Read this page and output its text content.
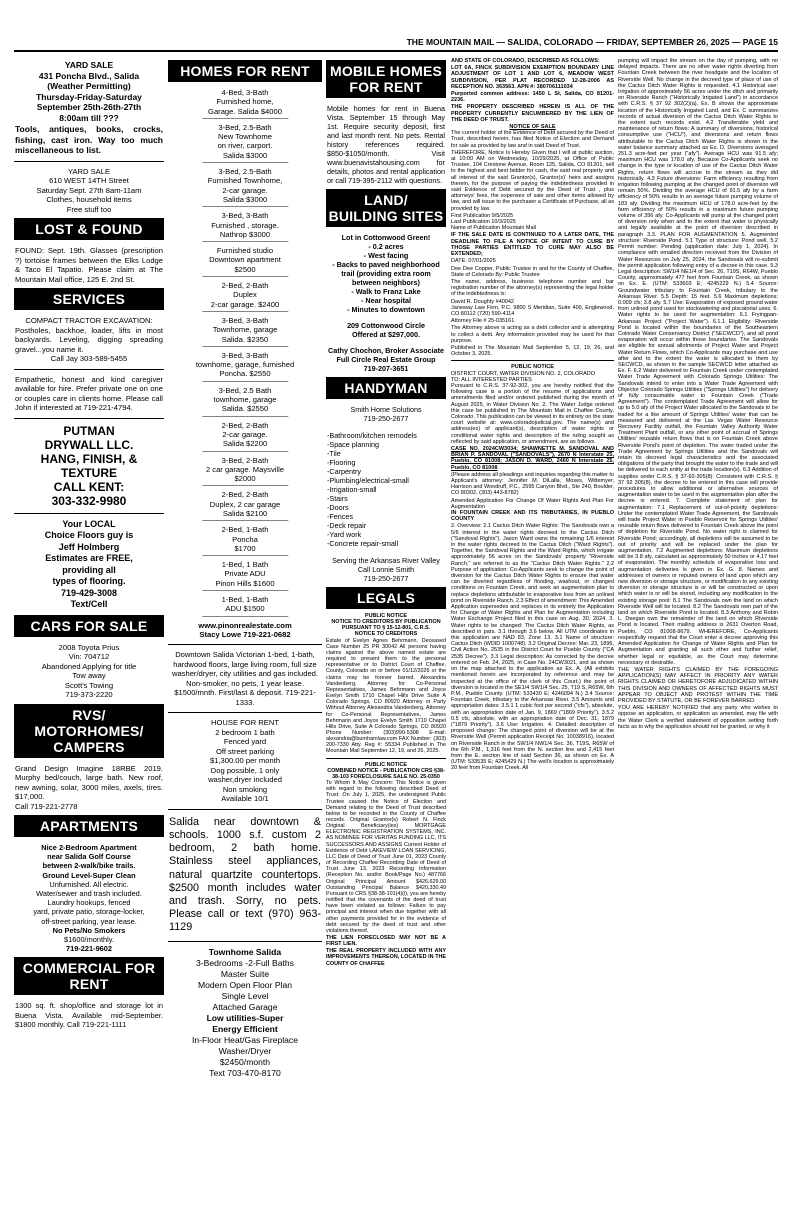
THE MOUNTAIN MAIL — SALIDA, COLORADO — FRIDAY, SEPTEMBER 26, 2025 — PAGE 15
YARD SALE
431 Poncha Blvd., Salida
(Weather Permitting)
Thursday-Friday-Saturday
September 25th-26th-27th
8:00am till ???
Tools, antiques, books, crocks, fishing, cast iron. Way too much miscellaneous to list.
YARD SALE
610 WEST 14TH Street
Saturday Sept. 27th 8am-11am
Clothes, household items
Free stuff too
LOST & FOUND
FOUND: Sept. 19th. Glasses (prescription ?) tortoise frames between the Elks Lodge & Taco El Tapatio. Please claim at The Mountain Mail office, 125 E. 2nd St.
SERVICES
COMPACT TRACTOR EXCAVATION:
Postholes, backhoe, loader, lifts in most backyards. Leveling, digging spreading gravel...you name it.
Call Jay 303-589-5455
Empathetic, honest and kind caregiver available for hire. Prefer private one on one or couples care in clients home. Please call John if interested at 719-221-4794.
PUTMAN
DRYWALL LLC.
HANG, FINISH, &
TEXTURE
CALL KENT:
303-332-9980
Your LOCAL
Choice Floors guy is
Jeff Holmberg
Estimates are FREE,
providing all
types of flooring.
719-429-3008
Text/Cell
CARS FOR SALE
2008 Toyota Prius
Vin: 704712
Abandoned Applying for title
Tow away
Scott's Towing
719-373-2220
RVS/ MOTORHOMES/ CAMPERS
Grand Design Imagine 18RBE 2019. Murphy bed/couch, large bath. New roof, new awning, solar, 3000 miles, axels, tires. $17,000.
Call 719-221-2778
APARTMENTS
Nice 2-Bedroom Apartment
near Salida Golf Course
between 2-walk/bike trails.
Ground Level-Super Clean
Unfurnished. All electric.
Water/sewer and trash included.
Laundry hookups, fenced
yard, private patio, storage-locker,
off-street parking, year lease.
No Pets/No Smokers
$1600/monthly.
719-221-9602
COMMERCIAL FOR RENT
1300 sq. ft. shop/office and storage lot in Buena Vista. Available mid-September. $1800 monthly. Call 719-221-1111
HOMES FOR RENT
4-Bed, 3-Bath
Furnished home,
Garage. Salida $4000
~~~~~~~~~~~~~~~~~~~~~~~~
3-Bed, 2.5-Bath
New Townhome
on river, carport.
Salida $3000
~~~~~~~~~~~~~~~~~~~~~~~~
3-Bed, 2.5-Bath
Furnished Townhome,
2-car garage.
Salida $3000
~~~~~~~~~~~~~~~~~~~~~~~~
3-Bed, 3-Bath
Furnished , storage.
Nathrop $3000
~~~~~~~~~~~~~~~~~~~~~~~~
Furnished studio
Downtown apartment
$2500
~~~~~~~~~~~~~~~~~~~~~~~~
2-Bed, 2-Bath
Duplex
2-car garage. $2400
~~~~~~~~~~~~~~~~~~~~~~~~
3-Bed, 3-Bath
Townhome, garage
Salida. $2350
~~~~~~~~~~~~~~~~~~~~~~~~
3-Bed, 3-Bath
townhome, garage, furnished
Poncha. $2550
~~~~~~~~~~~~~~~~~~~~~~~~
3-Bed, 2.5 Bath
townhome, garage
Salida. $2550
~~~~~~~~~~~~~~~~~~~~~~~~
2-Bed, 2-Bath
2-car garage.
Salida $2200
~~~~~~~~~~~~~~~~~~~~~~~~
3-Bed, 2-Bath
2 car garage. Maysville
$2000
~~~~~~~~~~~~~~~~~~~~~~~~
2-Bed, 2-Bath
Duplex, 2 car garage
Salida $2100
~~~~~~~~~~~~~~~~~~~~~~~~
2-Bed, 1-Bath
Poncha
$1700
~~~~~~~~~~~~~~~~~~~~~~~~
1-Bed, 1 Bath
Private ADU
Pinon Hills $1600
~~~~~~~~~~~~~~~~~~~~~~~~
1-Bed, 1-Bath
ADU $1500
~~~~~~~~~~~~~~~~~~~~~~~~
www.pinonrealestate.com
Stacy Lowe 719-221-0682
Downtown Salida Victorian 1-bed, 1-bath, hardwood floors, large living room, full size washer/dryer, city utilities and gas included. Non-smoker, no pets, 1 year lease. $1500/mnth. First/last & deposit. 719-221-1333.
HOUSE FOR RENT
2 bedroom 1 bath
Fenced yard
Off street parking
$1,300.00 per month
Dog possible, 1 only
washer,dryer included
Non smoking
Available 10/1
Salida near downtown & schools. 1000 s.f. custom 2 bedroom, 2 bath home. Stainless steel appliances, natural quartzite countertops. $2500 month includes water and trash. Sorry, no pets. Please call or text (970) 963-1129
Townhome Salida
3-Bedrooms -2-Full Baths
Master Suite
Modern Open Floor Plan
Single Level
Attached Garage
Low utilities-Super
Energy Efficient
In-Floor Heat/Gas Fireplace
Washer/Dryer
$2450/month
Text 703-470-8170
MOBILE HOMES FOR RENT
Mobile homes for rent in Buena Vista. September 15 through May 1st. Require security deposit, first and last month rent. No pets. Rental history references required. $850-$1050/month. Visit www.buenavistahousing.com for details, photos and rental application or call 719-395-2112 with questions.
LAND/ BUILDING SITES
Lot in Cottonwood Green!
- 0.2 acres
- West facing
- Backs to paved neighborhood trail (providing extra room between neighbors)
- Walk to Franz Lake
- Near hospital
- Minutes to downtown
209 Cottonwood Circle
Offered at $297,000.
Cathy Chochon, Broker Associate
Full Circle Real Estate Group
719-207-3651
HANDYMAN
Smith Home Solutions
719-250-2677
-Bathroom/kitchen remodels
-Space planning
-Tile
-Flooring
-Carpentry
-Plumbing/electrical-small
-Irrigation-small
-Stairs
-Doors
-Fences
-Deck repair
-Yard work
-Concrete repair-small
Serving the Arkansas River Valley
Call Lonnie Smith
719-250-2677
LEGALS
PUBLIC NOTICE
NOTICE TO CREDITORS BY PUBLICATION PURSUANT TO § 15-12-801, C.R.S.
NOTICE TO CREDITORS

Estate of Evelyn Agnes Behrmann, Deceased Case Number 25 PR 30042 All persons having claims against the above named estate are required to present them to the personal representative or to District Court of Chaffee, County, Colorado on or before 01/12/2026 or the claims may be forever barred. Alexandria Vandenberg, Attorney for Co-Personal Representatives, James Behrmann and Joyce Evelyn Smith 1710 Chapel Hills Drive Suite A Colorado Springs, CO 80920 Attorney or Party Without Attorney Alexandria Vandenberg, Attorney for Co-Personal Representatives, James Behrmann and Joyce Evelyn Smith 1710 Chapel Hills Drive, Suite A Colorado Springs, CO 80920 Phone Number: (303)990-5308 E-mail: alexandria@burnhamlaw.com FAX Number: (303) 200-7330 Atty. Reg #: 55334 Published in The Mountain Mail September 12, 19, and 26, 2025.

PUBLIC NOTICE
COMBINED NOTICE - PUBLICATION CRS §38-38-103 FORECLOSURE SALE NO. 25-0350

To Whom It May Concern: This Notice is given with regard to the following described Deed of Trust: On July 1, 2025, the undersigned Public Trustee caused the Notice of Election and Demand relating to the Deed of Trust described below to be recorded in the County of Chaffee records. Original Grantor(s) Robert N. Finck Original Beneficiary(ies) MORTGAGE ELECTRONIC REGISTRATION SYSTEMS, INC. AS NOMINEE FOR VERITAS FUNDING LLC, ITS SUCCESSORS AND ASSIGNS Current Holder of Evidence of Debt LAKEVIEW LOAN SERVICING, LLC Date of Deed of Trust June 01, 2023 County of Recording Chaffee Recording Date of Deed of Trust June 13, 2023 Recording Information (Reception No. and/or Book/Page No.) 487766 Original Principal Amount $426,629.00 Outstanding Principal Balance $420,330.49 Pursuant to CRS §38-38-101(4)(i), you are hereby notified that the covenants of the deed of trust have been violated as follows: Failure to pay principal and interest when due together with all other payments provided for in the evidence of debt secured by the deed of trust and other violations thereof.

THE LIEN FORECLOSED MAY NOT BE A FIRST LIEN.

THE REAL PROPERTY INCLUDED WITH ANY IMPROVEMENTS THEREON, LOCATED IN THE COUNTY OF CHAFFEE

AND STATE OF COLORADO, DESCRIBED AS FOLLOWS:

LOT 6A, FINCK SUBDIVISION EXEMPTION BOUNDARY LINE ADJUSTMENT OF LOT 1 AND LOT 6, MEADOW WEST SUBDIVISION, PER PLAT RECORDED 12-28-2006 AS RECEPTION NO. 363563. APN #: 380706111034

Purported common address: 1450 L St, Salida, CO 81201-2236.

THE PROPERTY DESCRIBED HEREIN IS ALL OF THE PROPERTY CURRENTLY ENCUMBERED BY THE LIEN OF THE DEED OF TRUST.

NOTICE OF SALE

The current holder of the Evidence of Debt secured by the Deed of Trust, described herein, has filed Notice of Election and Demand for sale as provided by law and in said Deed of Trust.

THEREFORE, Notice Is Hereby Given that I will at public auction, at 10:00 AM on Wednesday, 10/29/2025, at Office of Public Trustee, 104 Crestone Avenue, Room 125, Salida, CO 81201, sell to the highest and best bidder for cash, the said real property and all interest of the said Grantor(s), Grantor(s)' heirs and assigns therein, for the purpose of paying the indebtedness provided in said Evidence of Debt secured by the Deed of Trust , plus attorneys' fees, the expenses of sale and other items allowed by law, and will issue to the purchaser a Certificate of Purchase, all as provided by law.

First Publication 9/5/2025

Last Publication 10/3/2025

Name of Publication Mountain Mail

IF THE SALE DATE IS CONTINUED TO A LATER DATE, THE DEADLINE TO FILE A NOTICE OF INTENT TO CURE BY THOSE PARTIES ENTITLED TO CURE MAY ALSO BE EXTENDED;

DATE: 07/01/2025

Dee Dee Copper, Public Trustee in and for the County of Chaffee, State of Colorado By: Public Trustee

The name, address, business telephone number and bar registration number of the attorney(s) representing the legal holder of the indebtedness is:

David R. Doughty #40042

Janeway Law Firm, P.C. 9800 S Meridian, Suite 400, Englewood, CO 80112 (720) 590-4114

Attorney File # 25-035161

The Attorney above is acting as a debt collector and is attempting to collect a debt. Any information provided may be used for that purpose.

Published in The Mountain Mail September 5, 12, 19, 26, and October 3, 2025.

PUBLIC NOTICE

DISTRICT COURT, WATER DIVISION NO. 2, COLORADO

TO: ALL INTERESTED PARTIES

Pursuant to C.R.S. 37-92-302, you are hereby notified that the following case is a portion of the resume of applications and amendments filed and/or ordered published during the month of August 2025, in Water Division No. 2. The Water Judge ordered this case be published in The Mountain Mail in Chaffee County, Colorado. This publication can be viewed in its entirety on the state court website at: www.coloradojudicial.gov. The name(s) and address(es) of applicant(s), description of water rights or conditional water rights and description of the ruling sought as reflected by said application, or amendment, are as follows.

CASE NO. 2024CW3034; SHAWNETTE M. SANDOVAL AND BRIAN P. SANDOVAL ("SANDOVALS"), 2670 N Interstate 25, Pueblo, CO 81008; JASON D. WARD, 2460 N Interstate 25, Pueblo, CO 81008

(Please address all pleadings and inquiries regarding this matter to Applicant's attorney: Jennifer M. DiLalla, Moses, Wittemyer, Harrison and Woodruff, P.C., 2595 Canyon Blvd., Ste 240, Boulder, CO 80302, (303) 443-8782)

Amended Application For Change Of Water Rights And Plan For Augmentation

IN FOUNTAIN CREEK AND ITS TRIBUTARIES, IN PUEBLO COUNTY

2. Overview: 2.1 Cactus Ditch Water Rights: The Sandovals own a 5/6 interest in the water rights decreed to the Cactus Ditch ("Sandoval Rights"). Jason Ward owns the remaining 1/6 interest in the water rights decreed to the Cactus Ditch ("Ward Rights"). Together, the Sandoval Rights and the Ward Rights, which irrigate approximately 56 acres on the Sandovals' property "Riverside Ranch," are referred to as the "Cactus Ditch Water Rights." 2.2 Purpose of application: Co-Applicants seek to change the point of diversion for the Cactus Ditch Water Rights to ensure that water can be diverted regardless of flooding, washout, or changed conditions on Fountain Creek, and seek an augmentation plan to replace depletions attributable to evaporative loss from an unlined pond on Riverside Ranch. 2.3 Effect of amendment: This Amended Application supersedes and replaces in its entirety the Application for Change of Water Rights and Plan for Augmentation including Water Exchange Project filed in this case on Aug. 30, 2024. 3. Water rights to be changed: The Cactus Ditch Water Rights, as described in pars. 3.1 through 3.6 below. All UTM coordinates in this application are NAD 83, Zone 13. 3.1 Name of structure: Cactus Ditch (WDID 1000748). 3.2 Original Decree: Mar. 23, 1896, Civil Action No. 2535 in the District Court for Pueblo County ("CA 2535 Decree"). 3.3 Legal description: As corrected by the decree entered on Feb. 24, 2025, in Case No. 24CW3021, and as shown on the map attached to the application as Ex. A, (All exhibits mentioned herein are incorporated by reference and may be inspected at the office of the clerk of this Court.) the point of diversion is located in the SE1/4 SW1/4 Sec. 25, T19 S, R65W, 6th P.M., Pueblo County. (UTM: 533430 E; 4246094 N.) 3.4 Source: Fountain Creek, tributary to the Arkansas River. 3.5 Amounts and appropriation dates: 3.5.1 1 cubic foot per second ("cfs"), absolute, with an appropriation date of Jan. 9, 1869 ("1869 Priority"). 3.5.2 0.5 cfs, absolute, with an appropriation date of Dec. 31, 1879 ("1879 Priority"). 3.6 Use: Irrigation. 4. Detailed description of proposed change: The changed point of diversion will be at the Riverside Well (Permit application Receipt No. 10038916), located on Riverside Ranch in the SW1/4 NW1/4 Sec. 36, T19S, R65W of the 6th P.M., 1,316 feet from the N. section line and 2,415 feet from the E. section line of said Section 36, as shown on Ex. A (UTM: 533535 E; 4245429 N.) The well's location is approximately 20 feet from Fountain Creek. All

pumping will impact the stream on the day of pumping, with no delayed impacts. There are no other water rights diverting from Fountain Creek between the river headgate and the location of Riverside Well. No change in the decreed type of place of use of the Cactus Ditch Water Rights is requested. 4.1 Historical use: Irrigation of approximately 56 acres under the ditch and primarily on Riverside Ranch ("Historically Irrigated Land") in accordance with C.R.S. § 37 92 302(2)(a), Ex. B shows the approximate location of the Historically Irrigated Land, and Ex. C summarizes records of actual diversion of the Cactus Ditch Water Rights to the extent such records exist. 4.2 Transferable yield and maintenance of return flows: A summary of diversions, historical consumptive use ("HCU"), and diversions and return flows attributable to the Cactus Ditch Water Rights is shown in the water balance summary attached as Ex. D. Diversions averaged 251.3 acre-feet per year ("afy"). Average HCU was 91.5 afy; maximum HCU was 178.0 afy. Because Co-Applicants seek no change in the type or location of use of the Cactus Ditch Water Rights, return flows will accrue to the stream as they did historically. 4.3 Future diversions: Farm efficiency resulting from irrigation following pumping at the changed point of diversion will remain 50%. Dividing the average HCU of 91.5 afy by a farm efficiency of 50% results in an average future pumping volume of 183 afy. Dividing the maximum HCU of 178.0 acre-feet by the farm efficiency of 50% results in a maximum future pumping volume of 356 afy. Co-Applicants will pump at the changed point of diversion only when and to the extent that water is physically and legally available at the point of diversion described in paragraph 3.3. PLAN FOR AUGMENTATION 5. Augmented structure: Riverside Pond. 5.1 Type of structure: Pond well. 5.2 Permit number: Pending (application date: July 1, 2024). In compliance with emailed direction received from the Division of Water Resources on July 25, 2024, the Sandovals will re-submit the permit application following entry of a decree in this case. 5.3 Legal description: SW1/4 NE1/4 of Sec. 26, T19S, R64W, Pueblo County, approximately 477 feet from Fountain Creek, as shown on Ex. E. (UTM: 533603 E; 4245229 N.) 5.4 Source: Groundwater tributary to Fountain Creek, tributary to the Arkansas River. 5.5 Depth: 15 feet. 5.6 Maximum depletions: 0.009 cfs; 3.8 afy. 5.7 Use: Evaporation of exposed ground water from unlined pond used for stockwatering and piscatorial uses. 6. Water rights to be used for augmentation: 6.1 Fryingpan-Arkansas Project ("Project Water"). 6.1.1 Eligibility: Riverside Pond is located within the boundaries of the Southeastern Colorado Water Conservancy District ("SECWCD"), and all pond evaporation will occur within those boundaries. The Sandovals are eligible for annual allotments of Project Water and Project Water Return Flows, which Co-Applicants may purchase and use after and to the extent the water is allocated to them by SECWCD, as shown in the sample SECWCD letter attached as Ex. F. 6.2 Water delivered to Fountain Creek under contemplated Water Trade Agreement with Colorado Springs Utilities: The Sandovals intend to enter into a Water Trade Agreement with Objector Colorado Springs Utilities ("Springs Utilities") for delivery of fully consumable water to Fountain Creek ("Trade Agreement"). The contemplated Trade Agreement will allow for up to 5.0 afy of the Project Water allocated to the Sandovals to be traded for a like amount of Springs Utilities' water that can be measured and delivered at the Las Vegas Water Resource Recovery Facility outfall, the Fountain Valley Authority Water Treatment Plant outfall, or any other point of accrual of Springs Utilities' reusable return flows that is on Fountain Creek above Riverside Pond's point of depletion. The water traded under the Trade Agreement by Springs Utilities and the Sandovals will retain its decreed legal characteristics and the associated obligations of the party that brought the water to the trade and will be delivered to each entity at the trade location(s). 6.3 Addition of supplies under C.R.S. § 37-92-305(8): Consistent with C.R.S. § 37 92 305(8), the decree to be entered in this case will provide procedures to allow additional or alternative sources of augmentation water to be used in the augmentation plan after the decree is entered. 7. Complete statement of plan for augmentation: 7.1 Replacement of out-of-priority depletions: Under the contemplated Water Trade Agreement, the Sandovals will trade Project Water in Pueblo Reservoir for Springs Utilities' reusable return flows delivered to Fountain Creek above the point of depletion for Riverside Pond. No water right is claimed for Riverside Pond; accordingly, all depletions will be assumed to be out of priority and will be replaced under the plan for augmentation. 7.2 Augmented depletions: Maximum depletions will be 3.8 afy, calculated as approximately 50 inches or 4.17 feet of evaporation. The monthly schedule of evaporative loss and augmentation deliveries is given in Ex. G. 8. Names and addresses of owners or reputed owners of land upon which any new diversion or storage structure, or modification to any existing diversion or storage structure is or will be constructed or upon which water is or will be stored, including any modification to the existing storage pool: 8.1 The Sandovals own the land on which Riverside Well will be located. 8.2 The Sandovals own part of the land on which Riverside Pond is located. 8.3 Anthony and Robin L. Deegan own the remainder of the land on which Riverside Pond is located. Their mailing address is 2631 Overton Road, Pueblo, CO 81008-9679. WHEREFORE, Co-Applicants respectfully request that the Court enter a decree approving this Amended Application for Change of Water Rights and Plan for Augmentation and granting all such other and further relief, whether legal or equitable, as the Court may determine necessary or desirable.

THE WATER RIGHTS CLAIMED BY THE FOREGOING APPLICATION(S) MAY AFFECT IN PRIORITY ANY WATER RIGHTS CLAIMED OR HERETOFORE ADJUDICATED WITHIN THIS DIVISION AND OWNERS OF AFFECTED RIGHTS MUST APPEAR TO OBJECT AND PROTEST WITHIN THE TIME PROVIDED BY STATUTE, OR BE FOREVER BARRED.

YOU ARE HEREBY NOTIFIED that any party who wishes to oppose an application, or application as amended, may file with the Water Clerk a verified statement of opposition setting forth facts as to why the application should not be granted, or why it
